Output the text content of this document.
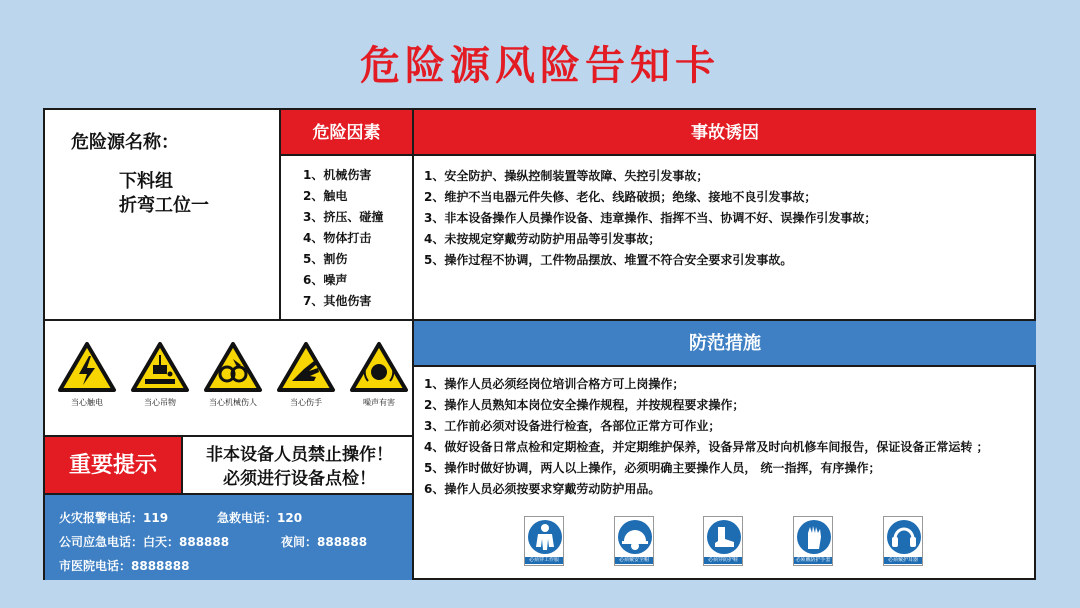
危险源风险告知卡
危险源名称：
下料组
折弯工位一
危险因素
1、机械伤害
2、触电
3、挤压、碰撞
4、物体打击
5、割伤
6、噪声
7、其他伤害
事故诱因
1、安全防护、操纵控制装置等故障、失控引发事故；
2、维护不当电器元件失修、老化、线路破损；绝缘、接地不良引发事故；
3、非本设备操作人员操作设备、违章操作、指挥不当、协调不好、误操作引发事故；
4、未按规定穿戴劳动防护用品等引发事故；
5、操作过程不协调，工件物品摆放、堆置不符合安全要求引发事故。
当心触电	当心吊物	当心机械伤人	当心伤手	噪声有害
重要提示	非本设备人员禁止操作！
必须进行设备点检！
火灾报警电话：119	急救电话：120
公司应急电话：白天：888888	夜间：888888
市医院电话：8888888
防范措施
1、操作人员必须经岗位培训合格方可上岗操作；
2、操作人员熟知本岗位安全操作规程，并按规程要求操作；
3、工作前必须对设备进行检查，各部位正常方可作业；
4、做好设备日常点检和定期检查，并定期维护保养，设备异常及时向机修车间报告，保证设备正常运转 ；
5、操作时做好协调，两人以上操作，必须明确主要操作人员， 统一指挥，有序操作；
6、操作人员必须按要求穿戴劳动防护用品。
必须穿工作服	必须戴安全帽	必须穿防护鞋	必须戴防护手套	必须戴护耳器
